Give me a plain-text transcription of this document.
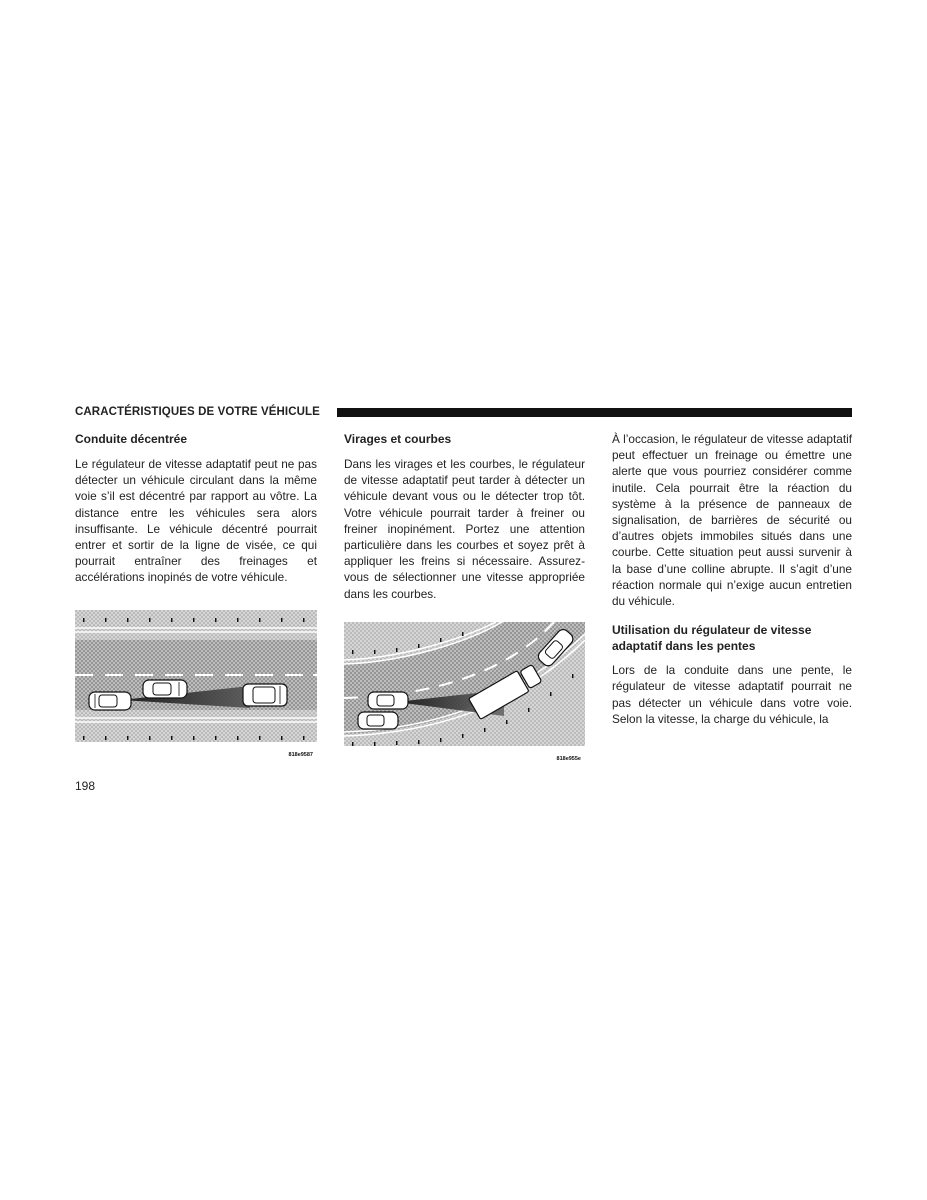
CARACTÉRISTIQUES DE VOTRE VÉHICULE
Conduite décentrée

Le régulateur de vitesse adaptatif peut ne pas détecter un véhicule circulant dans la même voie s’il est décentré par rapport au vôtre. La distance entre les véhicules sera alors insuffisante. Le véhicule décentré pourrait entrer et sortir de la ligne de visée, ce qui pourrait entraîner des freinages et accélérations inopinés de votre véhicule.

Virages et courbes

Dans les virages et les courbes, le régulateur de vitesse adaptatif peut tarder à détecter un véhicule devant vous ou le détecter trop tôt. Votre véhicule pourrait tarder à freiner ou freiner inopinément. Portez une attention particulière dans les courbes et soyez prêt à appliquer les freins si nécessaire. Assurez-vous de sélectionner une vitesse appropriée dans les courbes.

À l’occasion, le régulateur de vitesse adaptatif peut effectuer un freinage ou émettre une alerte que vous pourriez considérer comme inutile. Cela pourrait être la réaction du système à la présence de panneaux de signalisation, de barrières de sécurité ou d’autres objets immobiles situés dans une courbe. Cette situation peut aussi survenir à la base d’une colline abrupte. Il s’agit d’une réaction normale qui n’exige aucun entretien du véhicule.

Utilisation du régulateur de vitesse adaptatif dans les pentes

Lors de la conduite dans une pente, le régulateur de vitesse adaptatif pourrait ne pas détecter un véhicule dans votre voie. Selon la vitesse, la charge du véhicule, la

818e9587
818e955e
198
